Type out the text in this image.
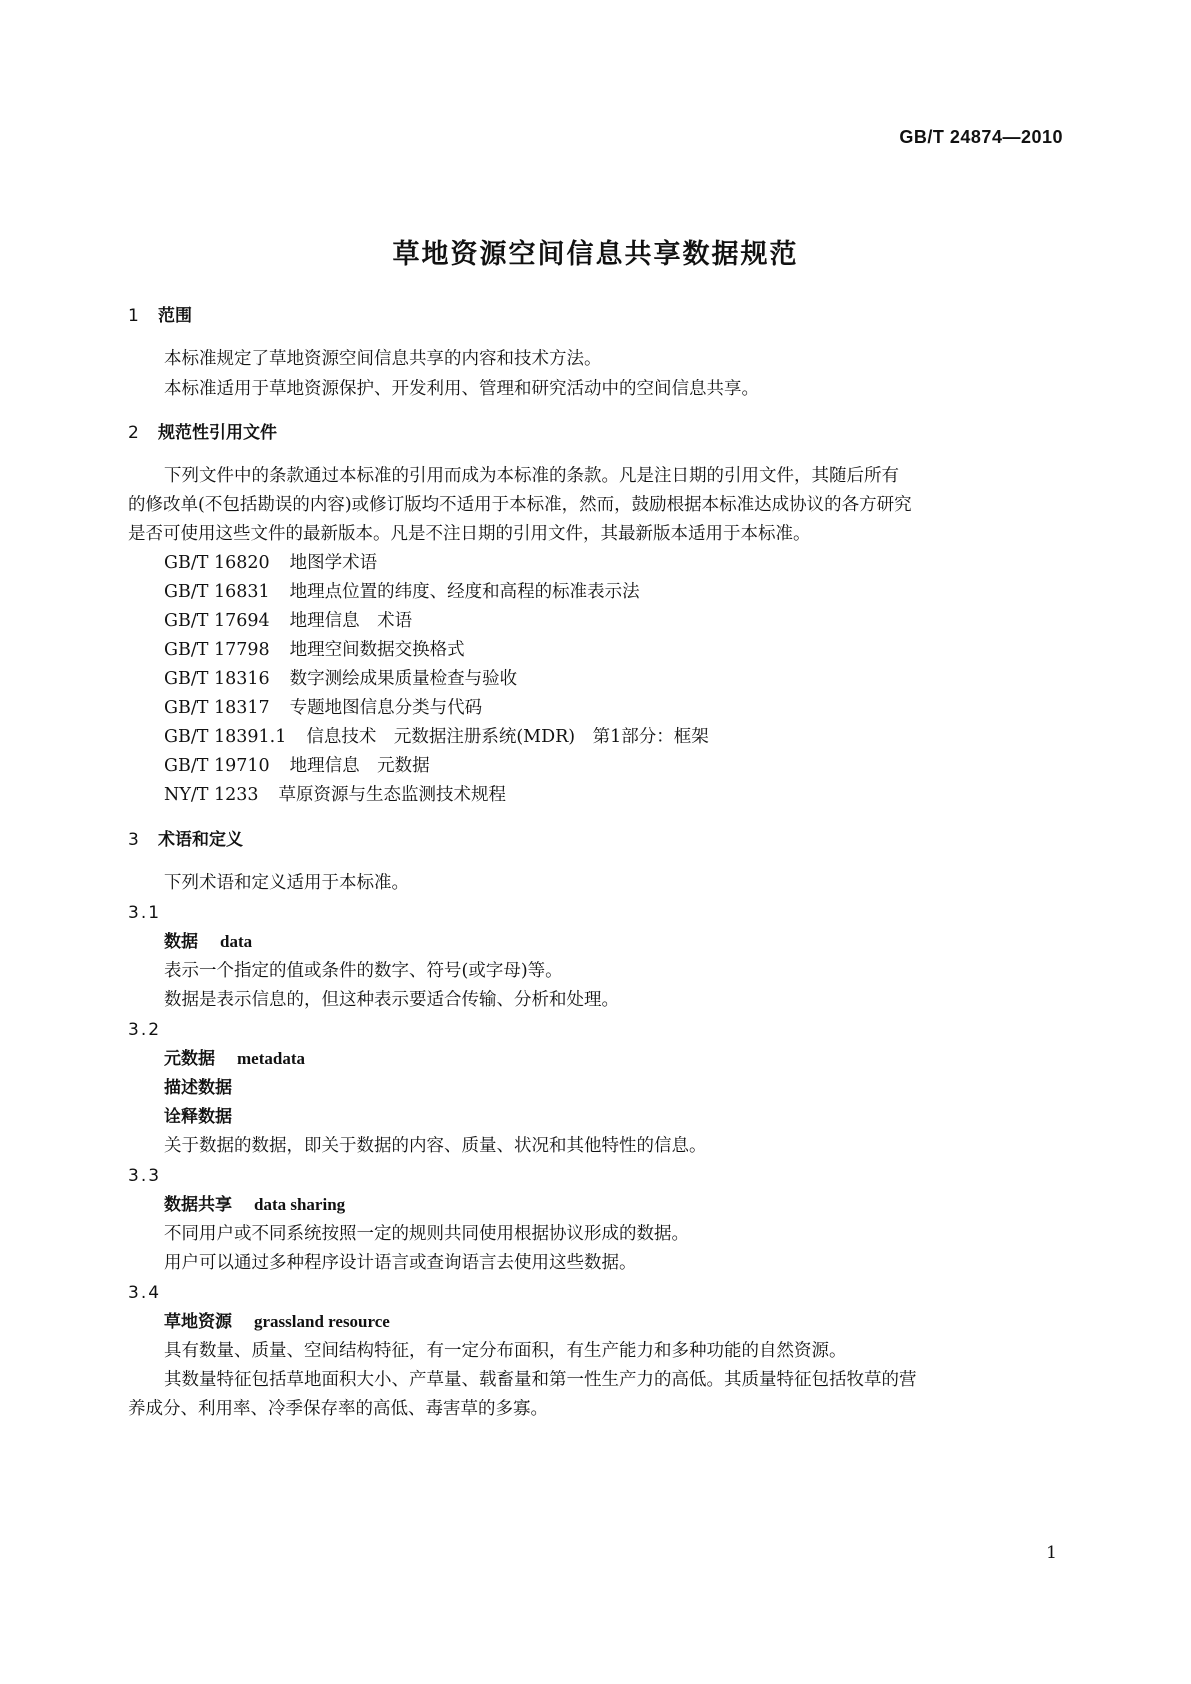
GB/T 24874—2010
草地资源空间信息共享数据规范
1 范围
本标准规定了草地资源空间信息共享的内容和技术方法。
本标准适用于草地资源保护、开发利用、管理和研究活动中的空间信息共享。
2 规范性引用文件
下列文件中的条款通过本标准的引用而成为本标准的条款。凡是注日期的引用文件，其随后所有
的修改单(不包括勘误的内容)或修订版均不适用于本标准，然而，鼓励根据本标准达成协议的各方研究
是否可使用这些文件的最新版本。凡是不注日期的引用文件，其最新版本适用于本标准。
GB/T 16820 地图学术语
GB/T 16831 地理点位置的纬度、经度和高程的标准表示法
GB/T 17694 地理信息　术语
GB/T 17798 地理空间数据交换格式
GB/T 18316 数字测绘成果质量检查与验收
GB/T 18317 专题地图信息分类与代码
GB/T 18391.1 信息技术　元数据注册系统(MDR)　第1部分：框架
GB/T 19710 地理信息　元数据
NY/T 1233 草原资源与生态监测技术规程
3 术语和定义
下列术语和定义适用于本标准。
3.1
数据 data
表示一个指定的值或条件的数字、符号(或字母)等。
数据是表示信息的，但这种表示要适合传输、分析和处理。
3.2
元数据 metadata
描述数据
诠释数据
关于数据的数据，即关于数据的内容、质量、状况和其他特性的信息。
3.3
数据共享 data sharing
不同用户或不同系统按照一定的规则共同使用根据协议形成的数据。
用户可以通过多种程序设计语言或查询语言去使用这些数据。
3.4
草地资源 grassland resource
具有数量、质量、空间结构特征，有一定分布面积，有生产能力和多种功能的自然资源。
其数量特征包括草地面积大小、产草量、载畜量和第一性生产力的高低。其质量特征包括牧草的营
养成分、利用率、冷季保存率的高低、毒害草的多寡。
1
